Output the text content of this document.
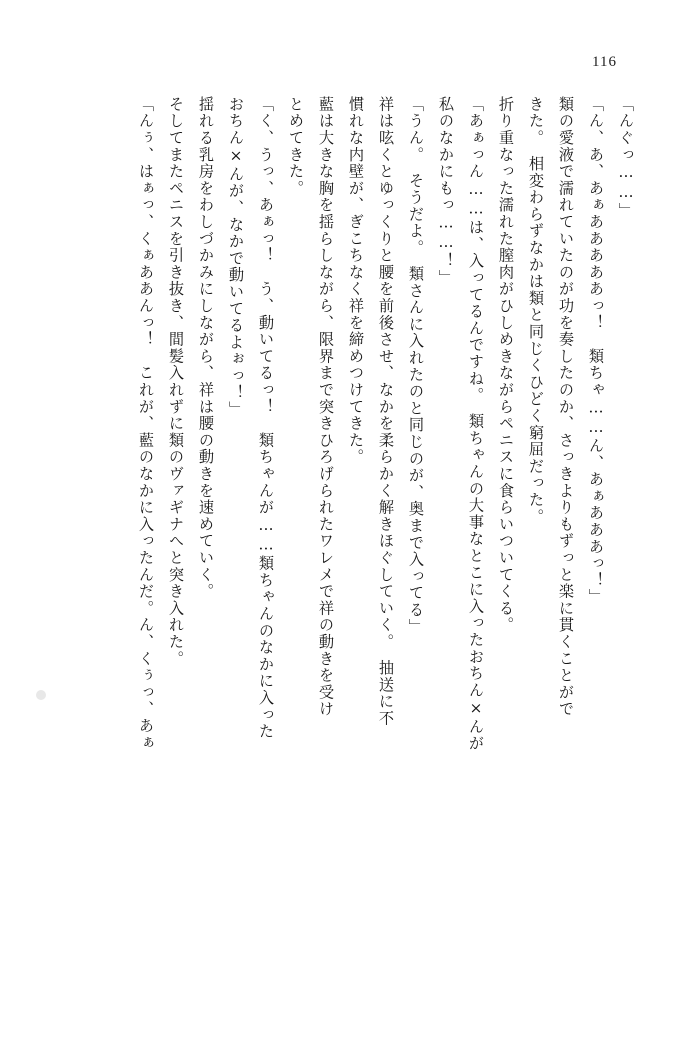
116
「んぐっ……」
「ん、あ、あぁあああああっ！　類ちゃ……ん、あぁあああっ！」
類の愛液で濡れていたのが功を奏したのか、さっきよりもずっと楽に貫くことがで
きた。　相変わらずなかは類と同じくひどく窮屈だった。
折り重なった濡れた膣肉がひしめきながらペニスに食らいついてくる。
「あぁっん……は、入ってるんですね。　類ちゃんの大事なとこに入ったおちん×んが
私のなかにもっ……！」
「うん。　そうだよ。　類さんに入れたのと同じのが、奥まで入ってる」
祥は呟くとゆっくりと腰を前後させ、なかを柔らかく解きほぐしていく。　抽送に不
慣れな内壁が、ぎこちなく祥を締めつけてきた。
藍は大きな胸を揺らしながら、限界まで突きひろげられたワレメで祥の動きを受け
とめてきた。
「く、うっ、あぁっ！　う、動いてるっ！　類ちゃんが……類ちゃんのなかに入った
おちん×んが、なかで動いてるよぉっ！」
揺れる乳房をわしづかみにしながら、祥は腰の動きを速めていく。
そしてまたペニスを引き抜き、間髪入れずに類のヴァギナへと突き入れた。
「んぅ、はぁっ、くぁああんっ！　これが、藍のなかに入ったんだ。ん、くぅっ、あぁ
